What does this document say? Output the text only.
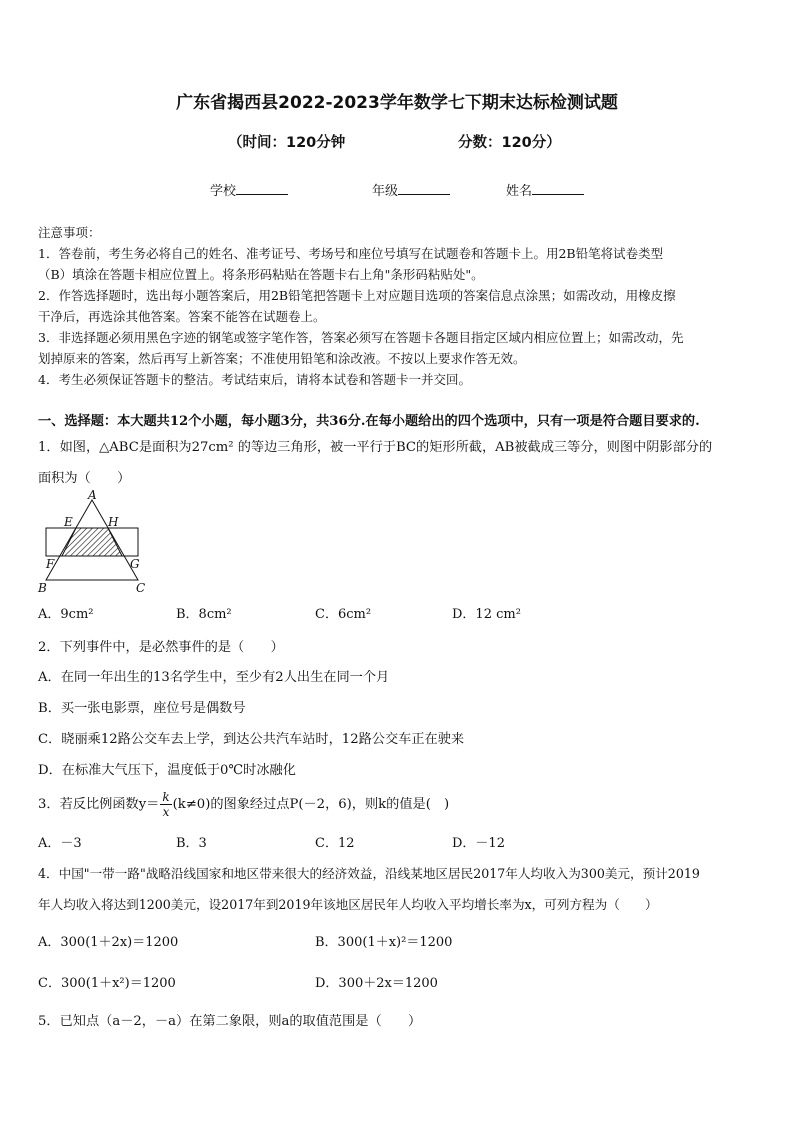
广东省揭西县2022-2023学年数学七下期末达标检测试题
（时间：120分钟	分数：120分）
学校	年级	姓名

注意事项：

1．答卷前，考生务必将自己的姓名、准考证号、考场号和座位号填写在试题卷和答题卡上。用2B铅笔将试卷类型

（B）填涂在答题卡相应位置上。将条形码粘贴在答题卡右上角"条形码粘贴处"。

2．作答选择题时，选出每小题答案后，用2B铅笔把答题卡上对应题目选项的答案信息点涂黑；如需改动，用橡皮擦

干净后，再选涂其他答案。答案不能答在试题卷上。

3．非选择题必须用黑色字迹的钢笔或签字笔作答，答案必须写在答题卡各题目指定区域内相应位置上；如需改动，先

划掉原来的答案，然后再写上新答案；不准使用铅笔和涂改液。不按以上要求作答无效。

4．考生必须保证答题卡的整洁。考试结束后，请将本试卷和答题卡一并交回。

一、选择题：本大题共12个小题，每小题3分，共36分.在每小题给出的四个选项中，只有一项是符合题目要求的.
1．如图，△ABC是面积为27cm² 的等边三角形，被一平行于BC的矩形所截，AB被截成三等分，则图中阴影部分的
面积为（　　）
A
E	H
F	G
B	C
A．9cm²	B．8cm²	C．6cm²	D．12 cm²
2．下列事件中，是必然事件的是（　　）
A．在同一年出生的13名学生中，至少有2人出生在同一个月
B．买一张电影票，座位号是偶数号
C．晓丽乘12路公交车去上学，到达公共汽车站时，12路公交车正在驶来
D．在标准大气压下，温度低于0℃时冰融化
3．若反比例函数$y= \frac{k}{x} (k\ne 0)$的图象经过点P(－2，6)，则k的值是(　)
A．－3	B．3	C．12	D．－12
4．中国"一带一路"战略沿线国家和地区带来很大的经济效益，沿线某地区居民2017年人均收入为300美元，预计2019
年人均收入将达到1200美元，设2017年到2019年该地区居民年人均收入平均增长率为x，可列方程为（　　）
A．300(1＋2x)＝1200	B．300(1＋x)²＝1200
C．300(1＋x²)＝1200	D．300＋2x＝1200
5．已知点（a－2，－a）在第二象限，则a的取值范围是（　　）
